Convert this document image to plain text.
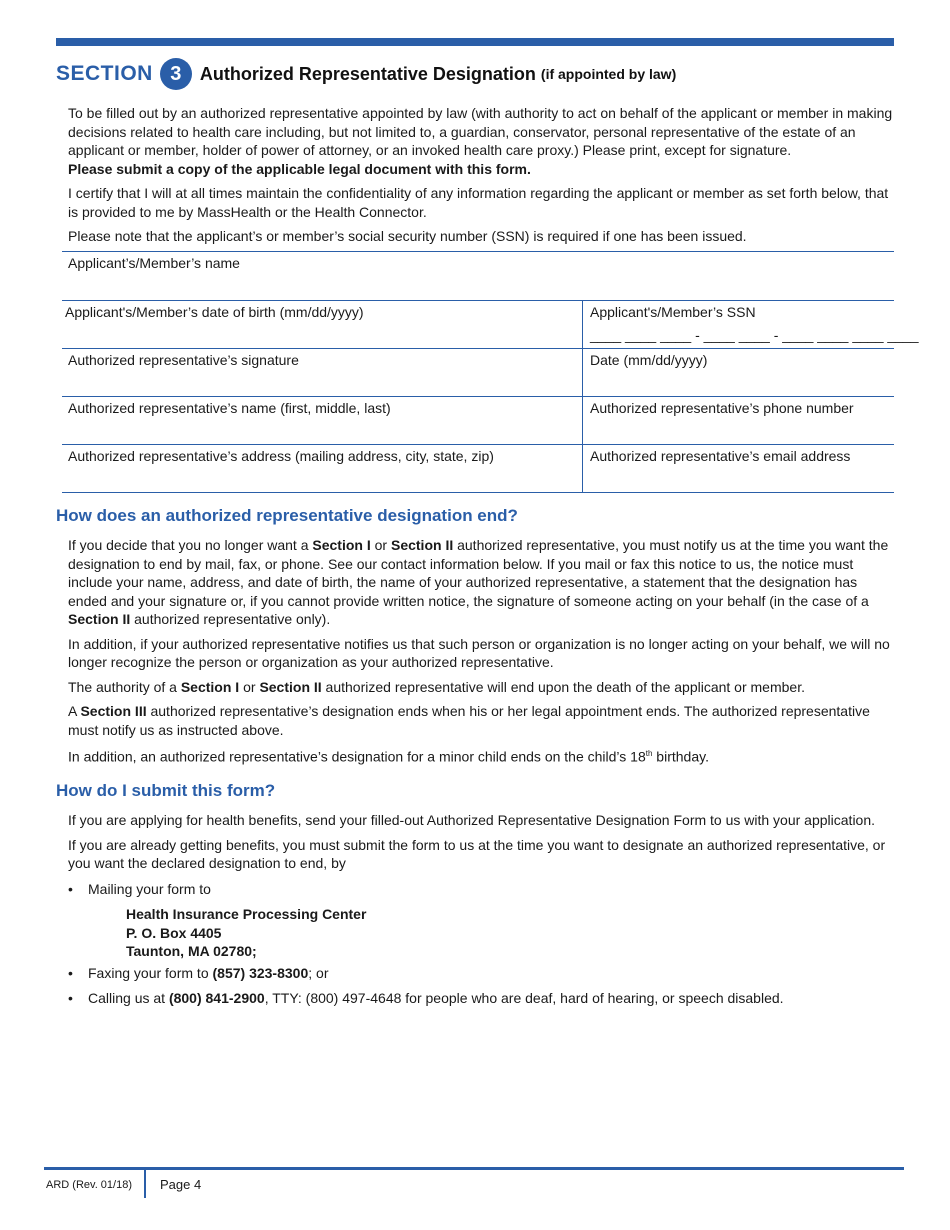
SECTION 3	Authorized Representative Designation (if appointed by law)

To be filled out by an authorized representative appointed by law (with authority to act on behalf of the applicant or member in making decisions related to health care including, but not limited to, a guardian, conservator, personal representative of the estate of an applicant or member, holder of power of attorney, or an invoked health care proxy.) Please print, except for signature.
Please submit a copy of the applicable legal document with this form.

I certify that I will at all times maintain the confidentiality of any information regarding the applicant or member as set forth below, that is provided to me by MassHealth or the Health Connector.

Please note that the applicant’s or member’s social security number (SSN) is required if one has been issued.

Applicant’s/Member’s name
Applicant's/Member’s date of birth (mm/dd/yyyy)	Applicant's/Member’s SSN
____ ____ ____ - ____ ____ - ____ ____ ____ ____
Authorized representative’s signature	Date (mm/dd/yyyy)
Authorized representative’s name (first, middle, last)	Authorized representative’s phone number
Authorized representative’s address (mailing address, city, state, zip)	Authorized representative’s email address
How does an authorized representative designation end?

If you decide that you no longer want a Section I or Section II authorized representative, you must notify us at the time you want the designation to end by mail, fax, or phone. See our contact information below. If you mail or fax this notice to us, the notice must include your name, address, and date of birth, the name of your authorized representative, a statement that the designation has ended and your signature or, if you cannot provide written notice, the signature of someone acting on your behalf (in the case of a Section II authorized representative only).

In addition, if your authorized representative notifies us that such person or organization is no longer acting on your behalf, we will no longer recognize the person or organization as your authorized representative.

The authority of a Section I or Section II authorized representative will end upon the death of the applicant or member.

A Section III authorized representative’s designation ends when his or her legal appointment ends. The authorized representative must notify us as instructed above.

In addition, an authorized representative’s designation for a minor child ends on the child’s 18th birthday.

How do I submit this form?

If you are applying for health benefits, send your filled-out Authorized Representative Designation Form to us with your application.

If you are already getting benefits, you must submit the form to us at the time you want to designate an authorized representative, or you want the declared designation to end, by

• Mailing your form to
Health Insurance Processing Center
P. O. Box 4405
Taunton, MA 02780;
• Faxing your form to (857) 323-8300; or
• Calling us at (800) 841-2900, TTY: (800) 497-4648 for people who are deaf, hard of hearing, or speech disabled.
ARD (Rev. 01/18) Page 4
